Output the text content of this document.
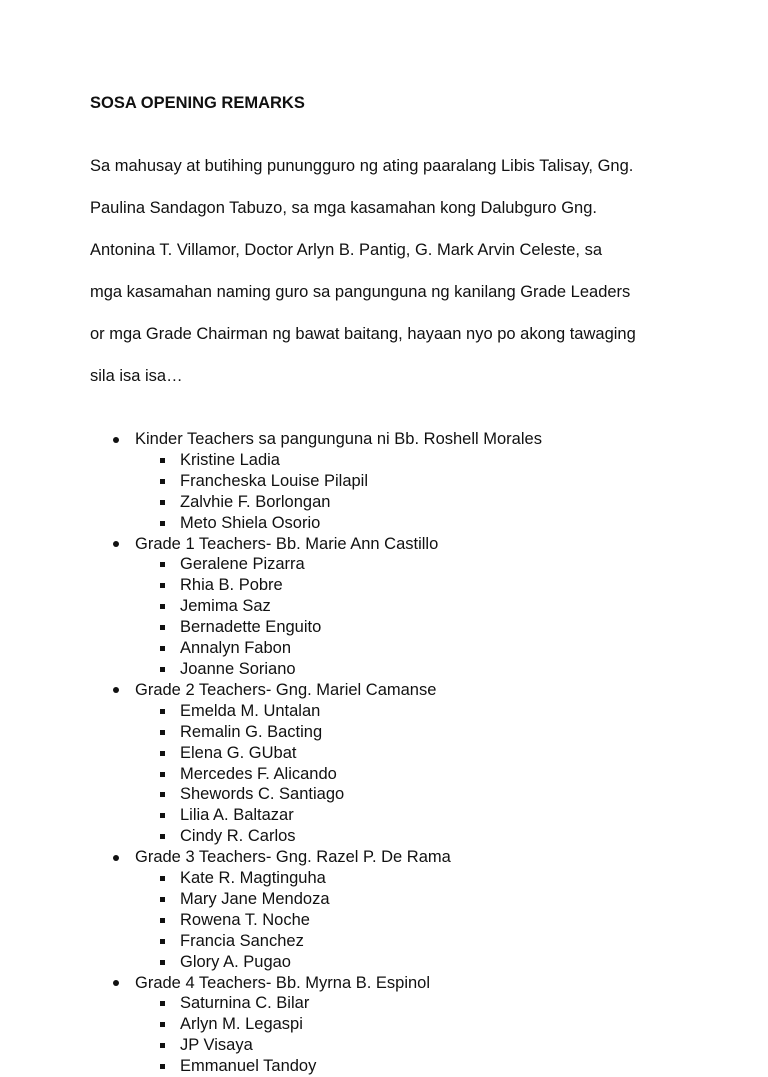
SOSA OPENING REMARKS

Sa mahusay at butihing punungguro ng ating paaralang Libis Talisay, Gng.

Paulina Sandagon Tabuzo, sa mga kasamahan kong Dalubguro Gng.

Antonina T. Villamor, Doctor Arlyn B. Pantig, G. Mark Arvin Celeste, sa

mga kasamahan naming guro sa pangunguna ng kanilang Grade Leaders

or mga Grade Chairman ng bawat baitang, hayaan nyo po akong tawaging

sila isa isa…

Kinder Teachers sa pangunguna ni Bb. Roshell Morales
Kristine Ladia
Francheska Louise Pilapil
Zalvhie F. Borlongan
Meto Shiela Osorio
Grade 1 Teachers- Bb. Marie Ann Castillo
Geralene Pizarra
Rhia B. Pobre
Jemima Saz
Bernadette Enguito
Annalyn Fabon
Joanne Soriano
Grade 2 Teachers- Gng. Mariel Camanse
Emelda M. Untalan
Remalin G. Bacting
Elena G. GUbat
Mercedes F. Alicando
Shewords C. Santiago
Lilia A. Baltazar
Cindy R. Carlos
Grade 3 Teachers- Gng. Razel P. De Rama
Kate R. Magtinguha
Mary Jane Mendoza
Rowena T. Noche
Francia Sanchez
Glory A. Pugao
Grade 4 Teachers- Bb. Myrna B. Espinol
Saturnina C. Bilar
Arlyn M. Legaspi
JP Visaya
Emmanuel Tandoy
